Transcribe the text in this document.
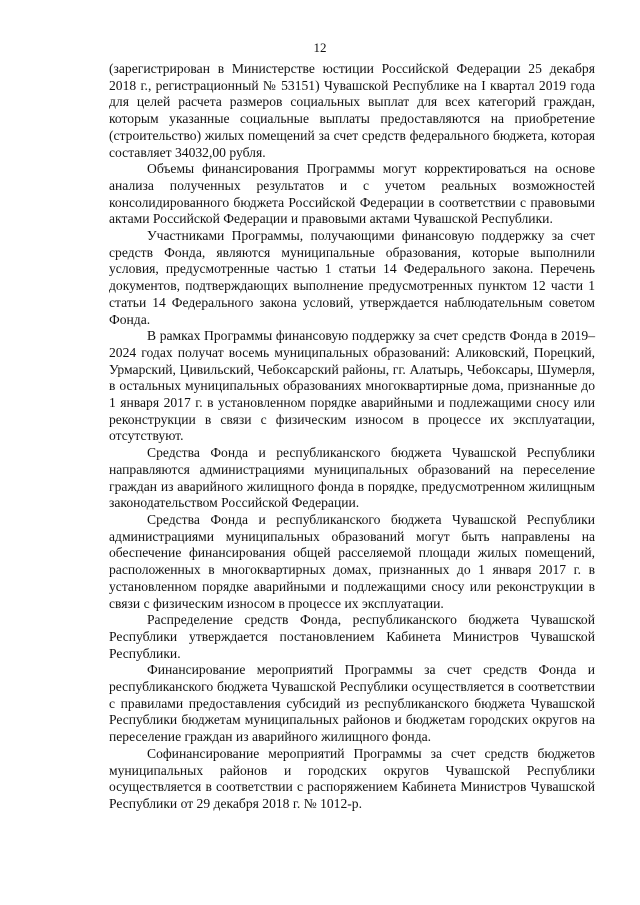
12

(зарегистрирован в Министерстве юстиции Российской Федерации 25 декабря 2018 г., регистрационный № 53151) Чувашской Республике на I квартал 2019 года для целей расчета размеров социальных выплат для всех категорий граждан, которым указанные социальные выплаты предоставляются на приобретение (строительство) жилых помещений за счет средств федерального бюджета, которая составляет 34032,00 рубля.

Объемы финансирования Программы могут корректироваться на основе анализа полученных результатов и с учетом реальных возможностей консолидированного бюджета Российской Федерации в соответствии с правовыми актами Российской Федерации и правовыми актами Чувашской Республики.

Участниками Программы, получающими финансовую поддержку за счет средств Фонда, являются муниципальные образования, которые выполнили условия, предусмотренные частью 1 статьи 14 Федерального закона. Перечень документов, подтверждающих выполнение предусмотренных пунктом 12 части 1 статьи 14 Федерального закона условий, утверждается наблюдательным советом Фонда.

В рамках Программы финансовую поддержку за счет средств Фонда в 2019–2024 годах получат восемь муниципальных образований: Аликовский, Порецкий, Урмарский, Цивильский, Чебоксарский районы, гг. Алатырь, Чебоксары, Шумерля, в остальных муниципальных образованиях многоквартирные дома, признанные до 1 января 2017 г. в установленном порядке аварийными и подлежащими сносу или реконструкции в связи с физическим износом в процессе их эксплуатации, отсутствуют.

Средства Фонда и республиканского бюджета Чувашской Республики направляются администрациями муниципальных образований на переселение граждан из аварийного жилищного фонда в порядке, предусмотренном жилищным законодательством Российской Федерации.

Средства Фонда и республиканского бюджета Чувашской Республики администрациями муниципальных образований могут быть направлены на обеспечение финансирования общей расселяемой площади жилых помещений, расположенных в многоквартирных домах, признанных до 1 января 2017 г. в установленном порядке аварийными и подлежащими сносу или реконструкции в связи с физическим износом в процессе их эксплуатации.

Распределение средств Фонда, республиканского бюджета Чувашской Республики утверждается постановлением Кабинета Министров Чувашской Республики.

Финансирование мероприятий Программы за счет средств Фонда и республиканского бюджета Чувашской Республики осуществляется в соответствии с правилами предоставления субсидий из республиканского бюджета Чувашской Республики бюджетам муниципальных районов и бюджетам городских округов на переселение граждан из аварийного жилищного фонда.

Софинансирование мероприятий Программы за счет средств бюджетов муниципальных районов и городских округов Чувашской Республики осуществляется в соответствии с распоряжением Кабинета Министров Чувашской Республики от 29 декабря 2018 г. № 1012-р.
